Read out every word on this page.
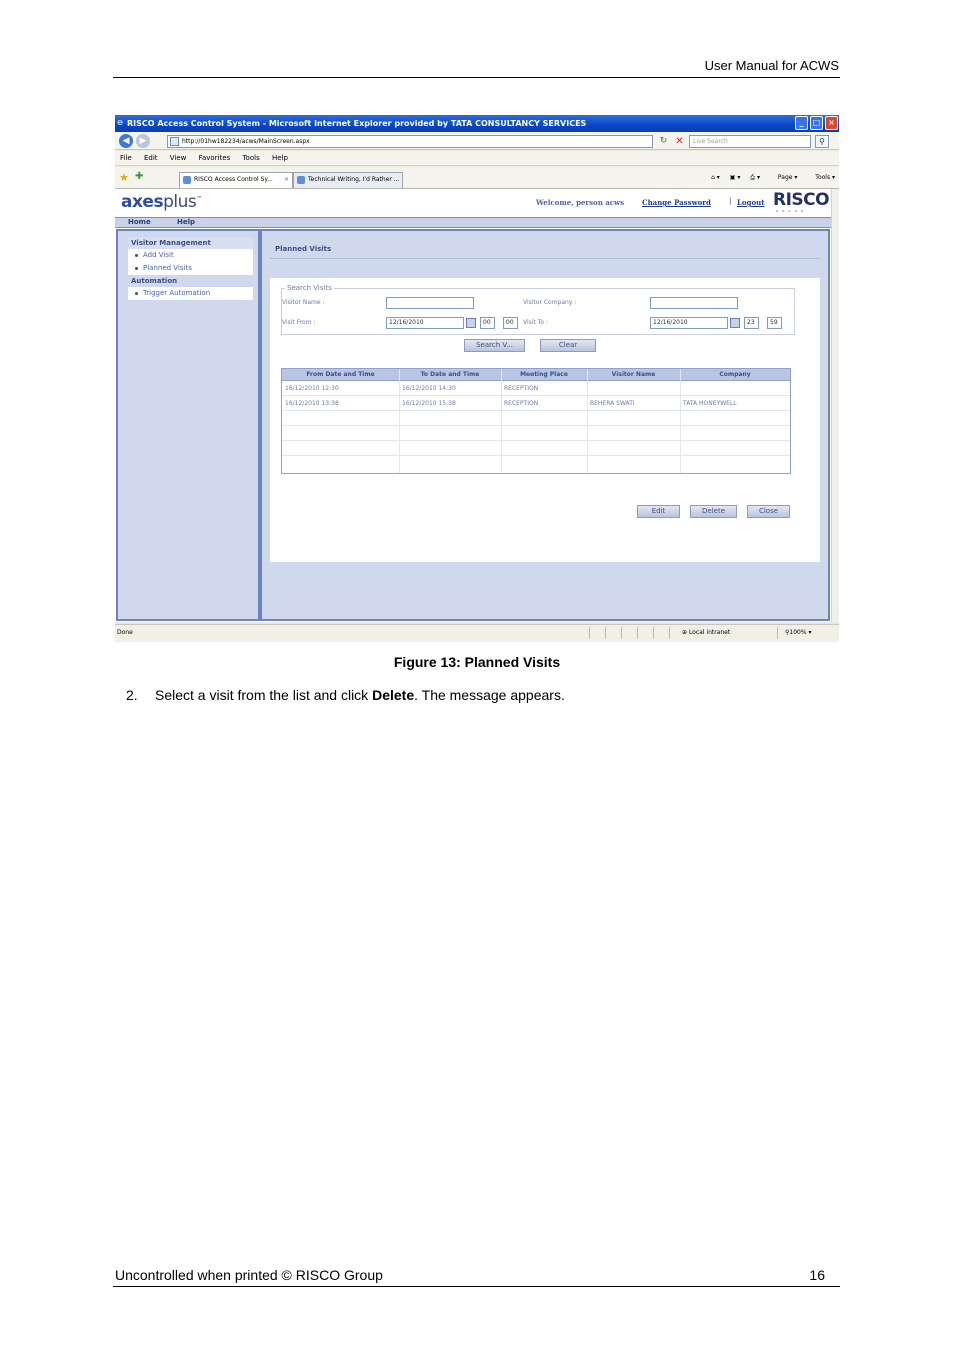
User Manual for ACWS
e RISCO Access Control System - Microsoft Internet Explorer provided by TATA CONSULTANCY SERVICES	_	□ ×
◀	▶	http://01hw182234/acws/MainScreen.aspx	↻ ✕	Live Search	⚲
File Edit View Favorites Tools Help
★ ✚	RISCO Access Control Sy... ×	Technical Writing, I'd Rather ...	⌂ ▾ ▣ ▾ ⎙ ▾	Page ▾	Tools ▾
axesplus™	Welcome, person acws	Change Password	| Logout RISCO
GROUP
Home	Help
Visitor Management
Add Visit
Planned Visits
Automation
Trigger Automation
Planned Visits
Search Visits
Visitor Name :	Visitor Company :
Visit From :	12/16/2010	00	00	Visit To :	12/16/2010	23	59
Search V...	Clear
From Date and Time	To Date and Time	Meeting Place	Visitor Name	Company
16/12/2010 12:30	16/12/2010 14:30	RECEPTION
16/12/2010 13:38	16/12/2010 15:38	RECEPTION	BEHERA SWATI	TATA HONEYWELL
Edit	Delete	Close
Done	⊕ Local intranet	⚲100% ▾
Figure 13: Planned Visits
2. Select a visit from the list and click Delete. The message appears.
Uncontrolled when printed © RISCO Group	16
